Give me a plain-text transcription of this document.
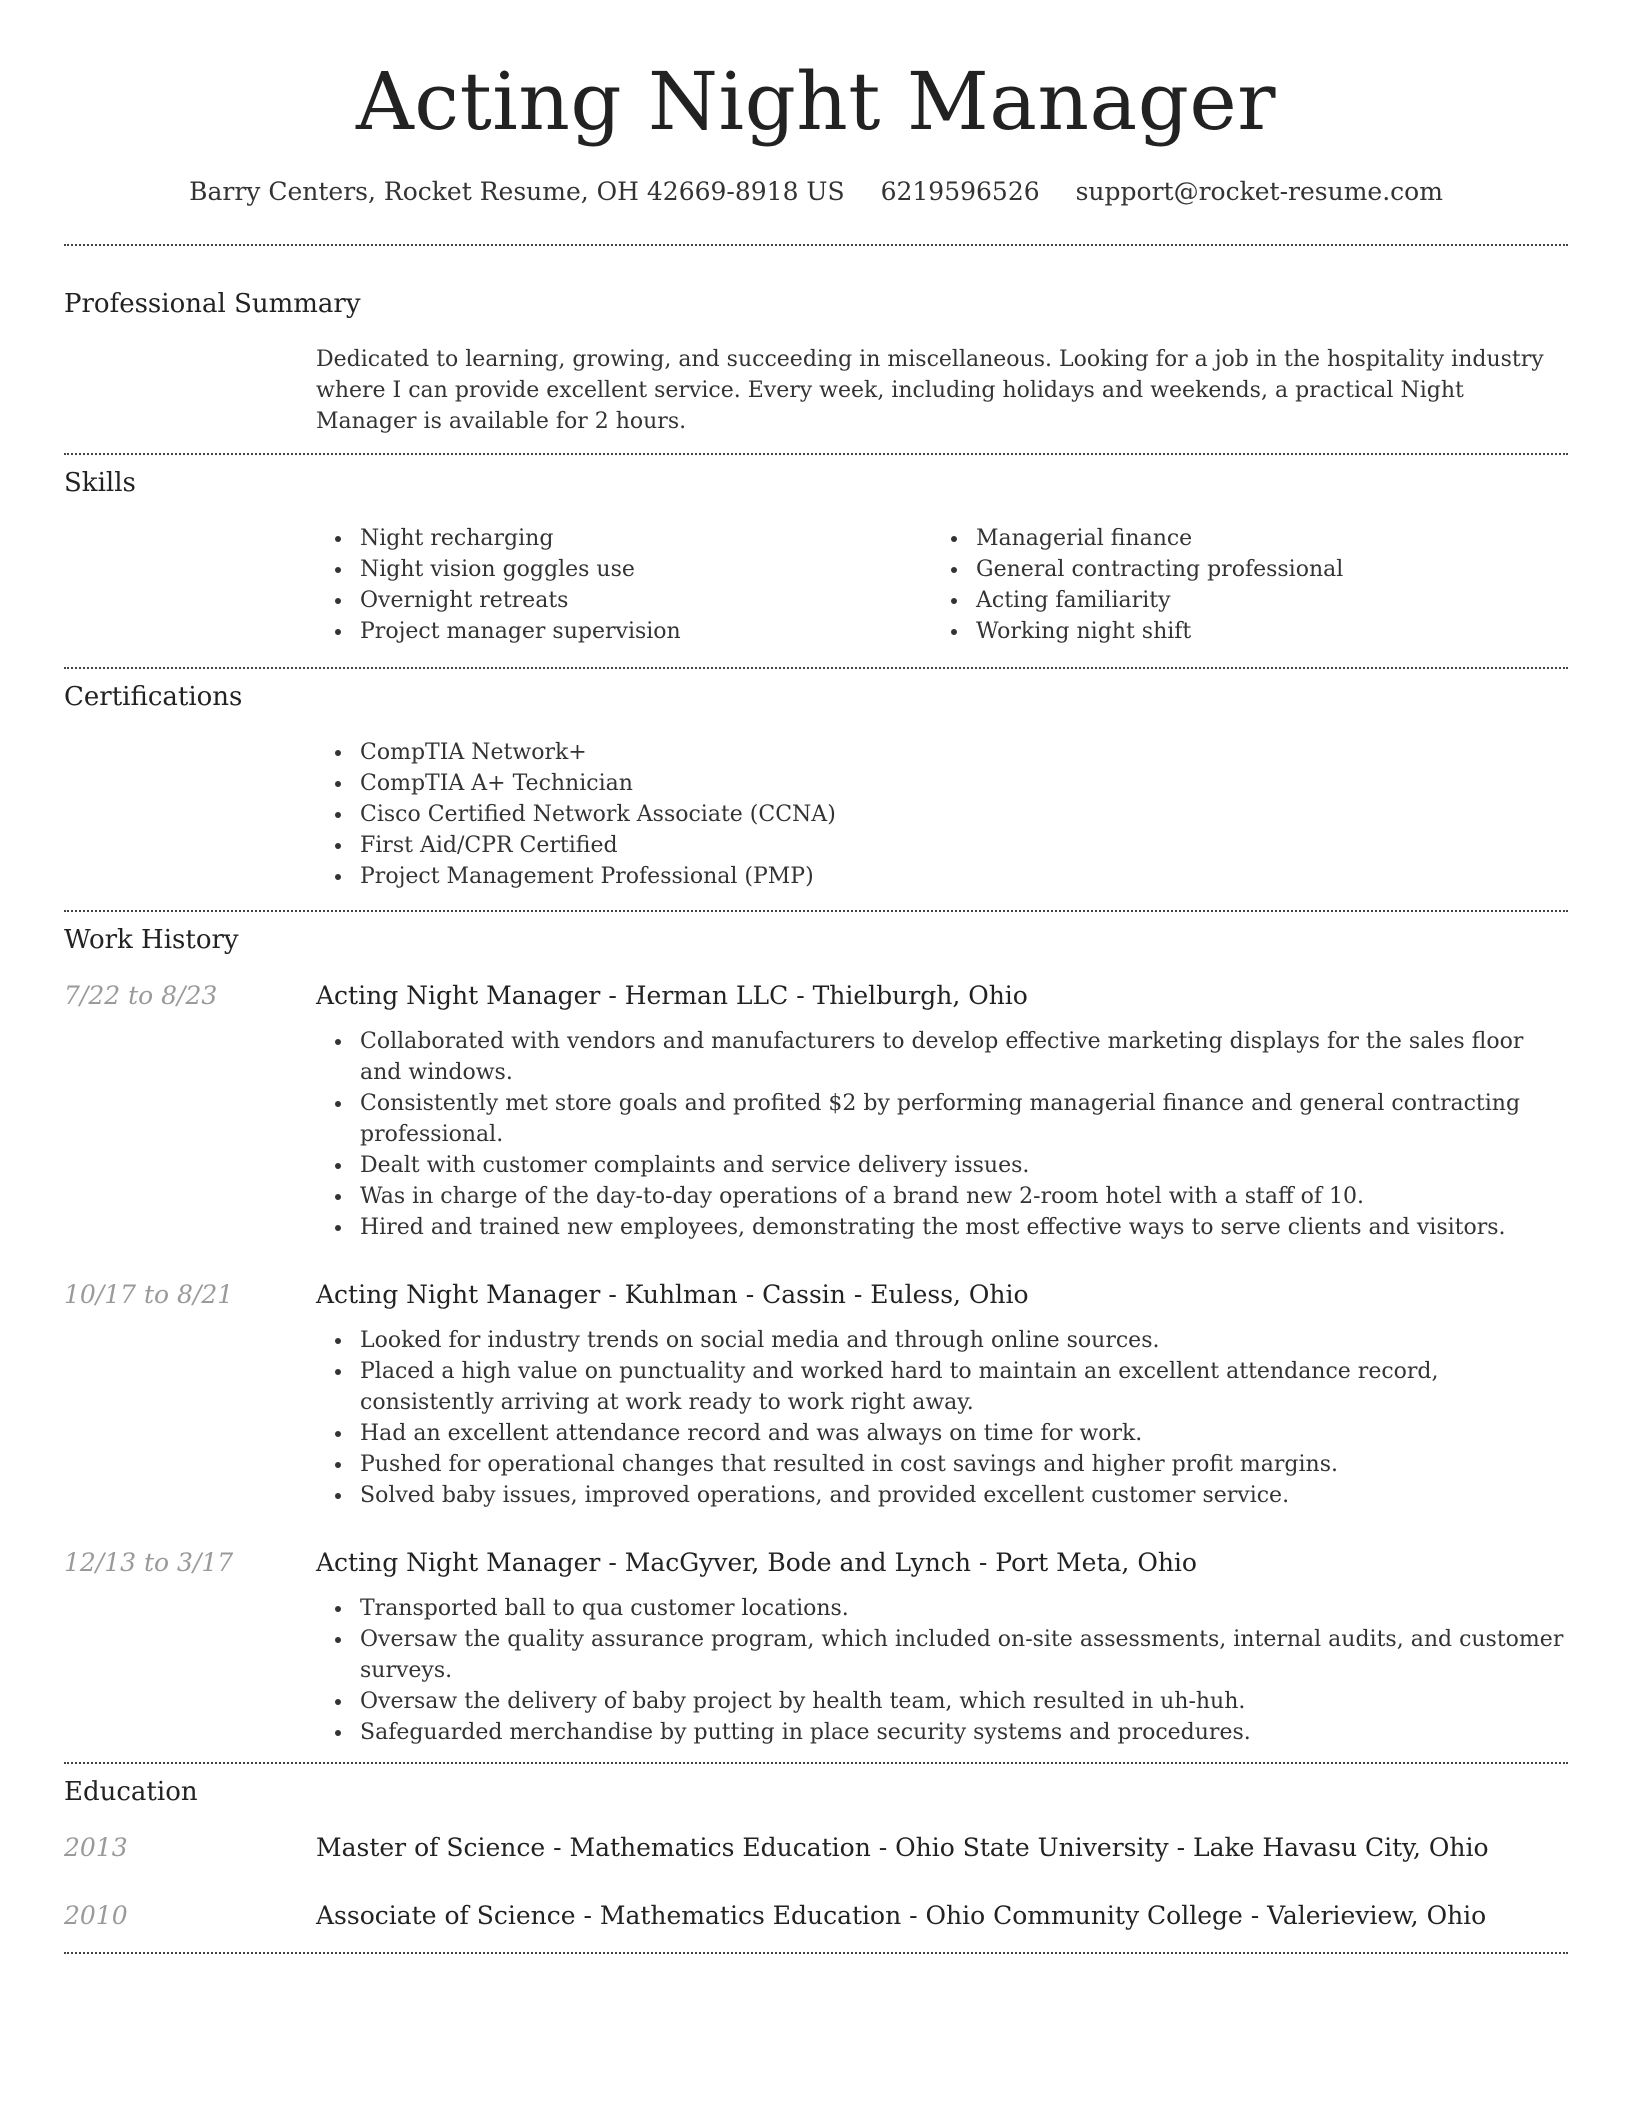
Acting Night Manager
Barry Centers, Rocket Resume, OH 42669-8918 US 6219596526 support@rocket-resume.com
Professional Summary
Dedicated to learning, growing, and succeeding in miscellaneous. Looking for a job in the hospitality industry where I can provide excellent service. Every week, including holidays and weekends, a practical Night Manager is available for 2 hours.
Skills
Night recharging
Night vision goggles use
Overnight retreats
Project manager supervision
Managerial finance
General contracting professional
Acting familiarity
Working night shift
Certifications
CompTIA Network+
CompTIA A+ Technician
Cisco Certified Network Associate (CCNA)
First Aid/CPR Certified
Project Management Professional (PMP)
Work History
7/22 to 8/23	Acting Night Manager - Herman LLC - Thielburgh, Ohio
Collaborated with vendors and manufacturers to develop effective marketing displays for the sales floor and windows.
Consistently met store goals and profited $2 by performing managerial finance and general contracting professional.
Dealt with customer complaints and service delivery issues.
Was in charge of the day-to-day operations of a brand new 2-room hotel with a staff of 10.
Hired and trained new employees, demonstrating the most effective ways to serve clients and visitors.
10/17 to 8/21	Acting Night Manager - Kuhlman - Cassin - Euless, Ohio
Looked for industry trends on social media and through online sources.
Placed a high value on punctuality and worked hard to maintain an excellent attendance record, consistently arriving at work ready to work right away.
Had an excellent attendance record and was always on time for work.
Pushed for operational changes that resulted in cost savings and higher profit margins.
Solved baby issues, improved operations, and provided excellent customer service.
12/13 to 3/17	Acting Night Manager - MacGyver, Bode and Lynch - Port Meta, Ohio
Transported ball to qua customer locations.
Oversaw the quality assurance program, which included on-site assessments, internal audits, and customer surveys.
Oversaw the delivery of baby project by health team, which resulted in uh-huh.
Safeguarded merchandise by putting in place security systems and procedures.
Education
2013	Master of Science - Mathematics Education - Ohio State University - Lake Havasu City, Ohio
2010	Associate of Science - Mathematics Education - Ohio Community College - Valerieview, Ohio
